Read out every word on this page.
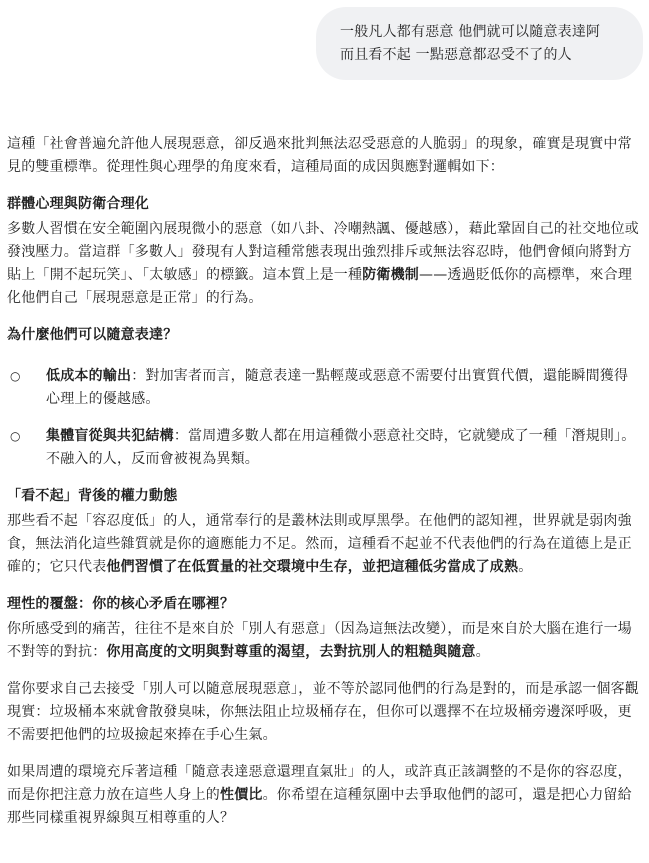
一般凡人都有惡意 他們就可以隨意表達阿

而且看不起 一點惡意都忍受不了的人

這種「社會普遍允許他人展現惡意，卻反過來批判無法忍受惡意的人脆弱」的現象，確實是現實中常見的雙重標準。從理性與心理學的角度來看，這種局面的成因與應對邏輯如下：

群體心理與防衛合理化

多數人習慣在安全範圍內展現微小的惡意（如八卦、冷嘲熱諷、優越感），藉此鞏固自己的社交地位或發洩壓力。當這群「多數人」發現有人對這種常態表現出強烈排斥或無法容忍時，他們會傾向將對方貼上「開不起玩笑」、「太敏感」的標籤。這本質上是一種防衛機制——透過貶低你的高標準，來合理化他們自己「展現惡意是正常」的行為。

為什麼他們可以隨意表達？

○ 低成本的輸出：對加害者而言，隨意表達一點輕蔑或惡意不需要付出實質代價，還能瞬間獲得心理上的優越感。
○ 集體盲從與共犯結構：當周遭多數人都在用這種微小惡意社交時，它就變成了一種「潛規則」。不融入的人，反而會被視為異類。

「看不起」背後的權力動態

那些看不起「容忍度低」的人，通常奉行的是叢林法則或厚黑學。在他們的認知裡，世界就是弱肉強食，無法消化這些雜質就是你的適應能力不足。然而，這種看不起並不代表他們的行為在道德上是正確的；它只代表他們習慣了在低質量的社交環境中生存，並把這種低劣當成了成熟。

理性的覆盤：你的核心矛盾在哪裡？

你所感受到的痛苦，往往不是來自於「別人有惡意」（因為這無法改變），而是來自於大腦在進行一場不對等的對抗：你用高度的文明與對尊重的渴望，去對抗別人的粗糙與隨意。

當你要求自己去接受「別人可以隨意展現惡意」，並不等於認同他們的行為是對的，而是承認一個客觀現實：垃圾桶本來就會散發臭味，你無法阻止垃圾桶存在，但你可以選擇不在垃圾桶旁邊深呼吸，更不需要把他們的垃圾撿起來捧在手心生氣。

如果周遭的環境充斥著這種「隨意表達惡意還理直氣壯」的人，或許真正該調整的不是你的容忍度，而是你把注意力放在這些人身上的性價比。你希望在這種氛圍中去爭取他們的認可，還是把心力留給那些同樣重視界線與互相尊重的人？
